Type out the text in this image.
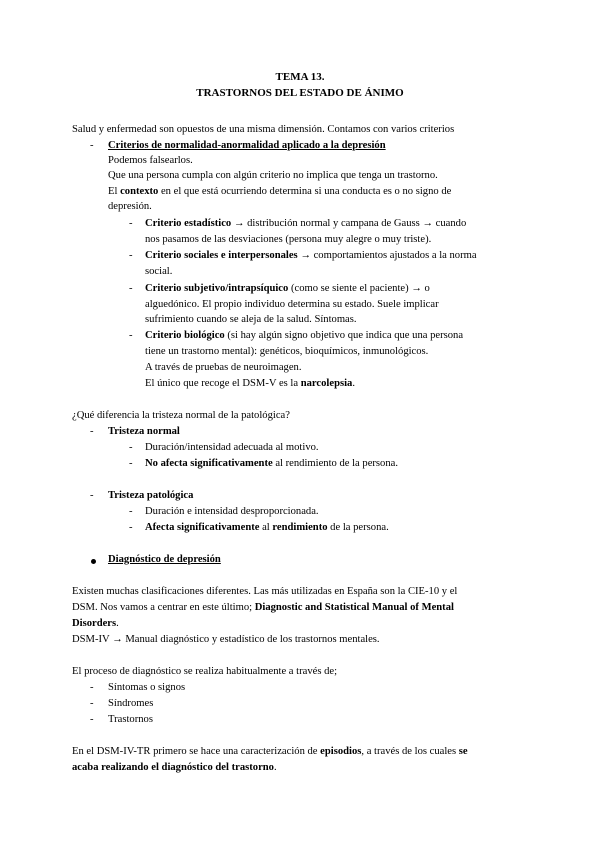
TEMA 13.
TRASTORNOS DEL ESTADO DE ÁNIMO
Salud y enfermedad son opuestos de una misma dimensión. Contamos con varios criterios
- Criterios de normalidad-anormalidad aplicado a la depresión
Podemos falsearlos.
Que una persona cumpla con algún criterio no implica que tenga un trastorno.
El contexto en el que está ocurriendo determina si una conducta es o no signo de
depresión.
- Criterio estadístico → distribución normal y campana de Gauss → cuando
nos pasamos de las desviaciones (persona muy alegre o muy triste).
- Criterio sociales e interpersonales → comportamientos ajustados a la norma
social.
- Criterio subjetivo/intrapsíquico (como se siente el paciente) → o
alguedónico. El propio individuo determina su estado. Suele implicar
sufrimiento cuando se aleja de la salud. Síntomas.
- Criterio biológico (si hay algún signo objetivo que indica que una persona
tiene un trastorno mental): genéticos, bioquímicos, inmunológicos.
A través de pruebas de neuroimagen.
El único que recoge el DSM-V es la narcolepsia.
¿Qué diferencia la tristeza normal de la patológica?
- Tristeza normal
- Duración/intensidad adecuada al motivo.
- No afecta significativamente al rendimiento de la persona.
- Tristeza patológica
- Duración e intensidad desproporcionada.
- Afecta significativamente al rendimiento de la persona.
Diagnóstico de depresión
Existen muchas clasificaciones diferentes. Las más utilizadas en España son la CIE-10 y el
DSM. Nos vamos a centrar en este último; Diagnostic and Statistical Manual of Mental
Disorders.
DSM-IV → Manual diagnóstico y estadístico de los trastornos mentales.
El proceso de diagnóstico se realiza habitualmente a través de;
- Síntomas o signos
- Síndromes
- Trastornos
En el DSM-IV-TR primero se hace una caracterización de episodios, a través de los cuales se
acaba realizando el diagnóstico del trastorno.
